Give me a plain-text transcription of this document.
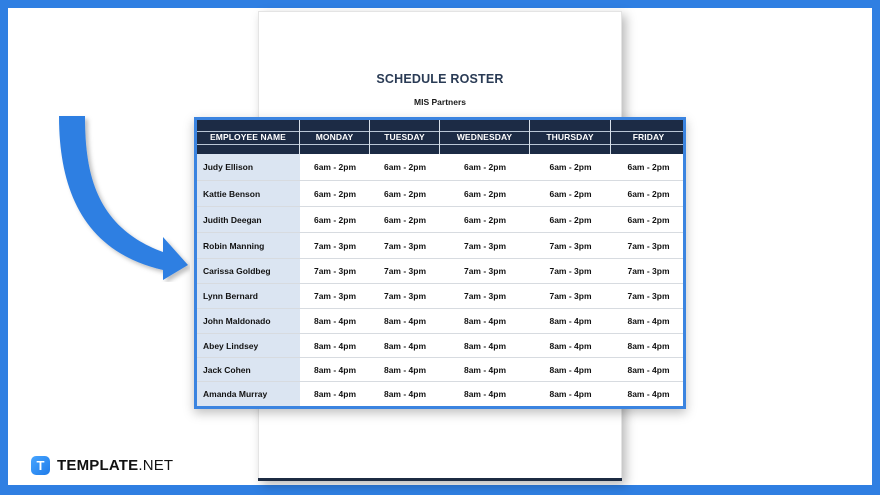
SCHEDULE ROSTER
MIS Partners
EMPLOYEE NAME	MONDAY	TUESDAY	WEDNESDAY	THURSDAY	FRIDAY
Judy Ellison	6am - 2pm	6am - 2pm	6am - 2pm	6am - 2pm	6am - 2pm
Kattie Benson	6am - 2pm	6am - 2pm	6am - 2pm	6am - 2pm	6am - 2pm
Judith Deegan	6am - 2pm	6am - 2pm	6am - 2pm	6am - 2pm	6am - 2pm
Robin Manning	7am - 3pm	7am - 3pm	7am - 3pm	7am - 3pm	7am - 3pm
Carissa Goldbeg	7am - 3pm	7am - 3pm	7am - 3pm	7am - 3pm	7am - 3pm
Lynn Bernard	7am - 3pm	7am - 3pm	7am - 3pm	7am - 3pm	7am - 3pm
John Maldonado	8am - 4pm	8am - 4pm	8am - 4pm	8am - 4pm	8am - 4pm
Abey Lindsey	8am - 4pm	8am - 4pm	8am - 4pm	8am - 4pm	8am - 4pm
Jack Cohen	8am - 4pm	8am - 4pm	8am - 4pm	8am - 4pm	8am - 4pm
Amanda Murray	8am - 4pm	8am - 4pm	8am - 4pm	8am - 4pm	8am - 4pm
T TEMPLATE.NET
